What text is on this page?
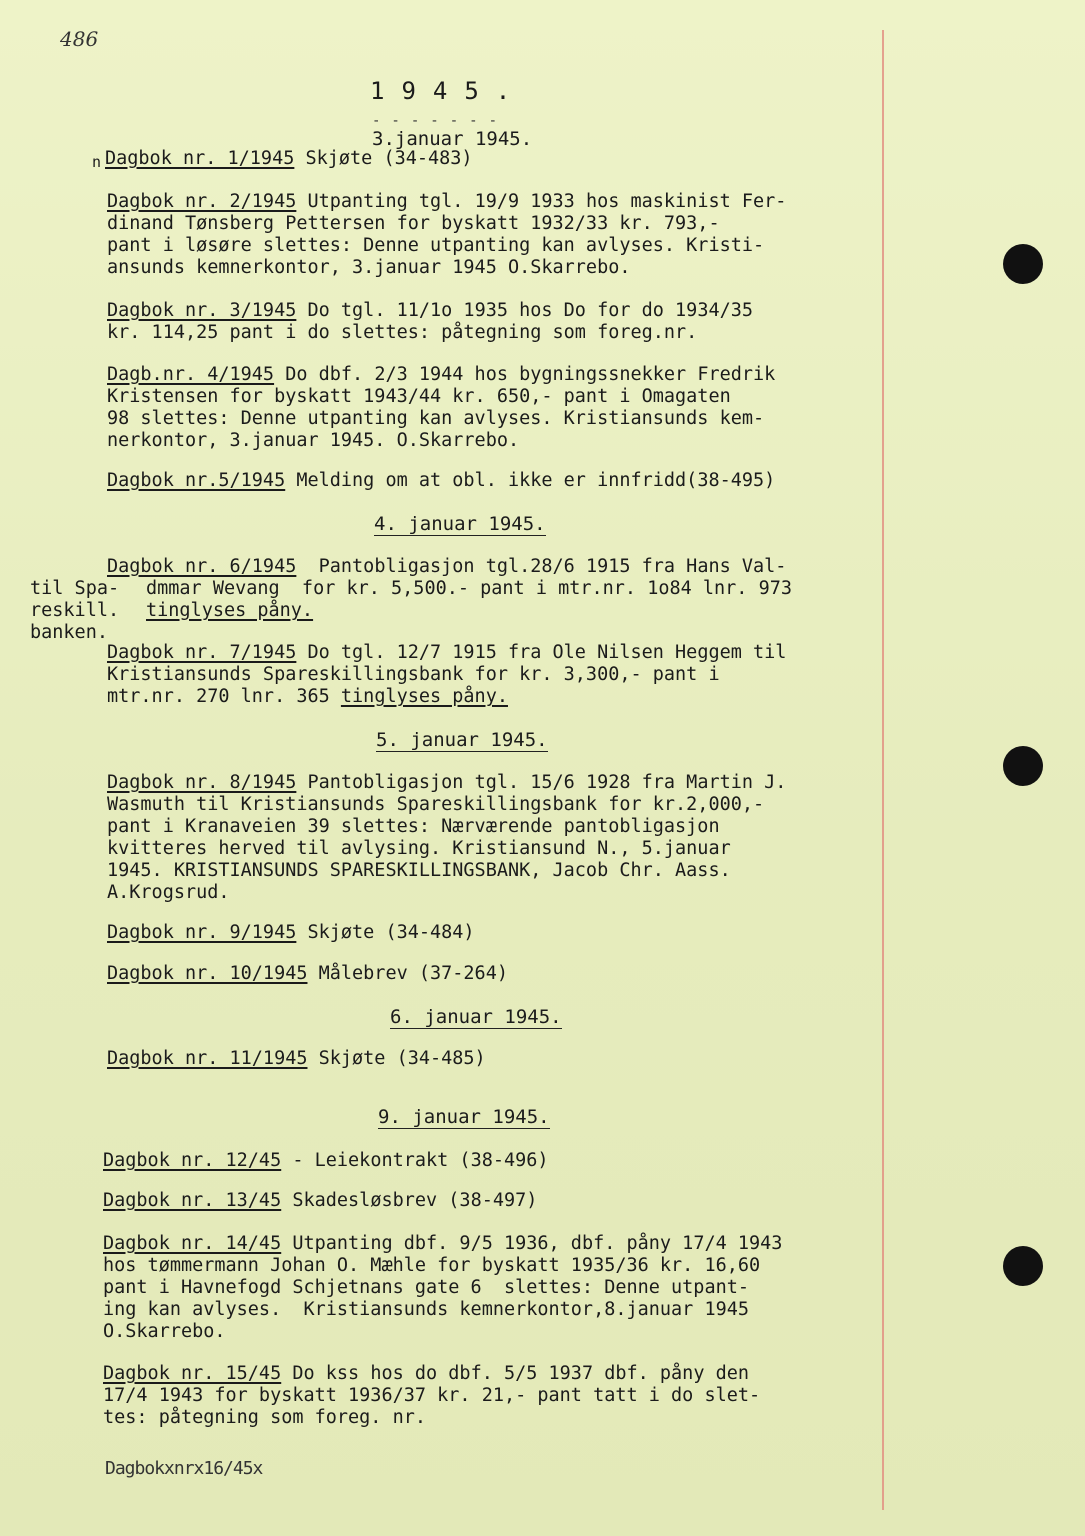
486
1945.
-------
3.januar 1945.
n Dagbok nr. 1/1945 Skjøte (34-483)
Dagbok nr. 2/1945 Utpanting tgl. 19/9 1933 hos maskinist Fer-
dinand Tønsberg Pettersen for byskatt 1932/33 kr. 793,-
pant i løsøre slettes: Denne utpanting kan avlyses. Kristi-
ansunds kemnerkontor, 3.januar 1945 O.Skarrebo.
Dagbok nr. 3/1945 Do tgl. 11/1o 1935 hos Do for do 1934/35
kr. 114,25 pant i do slettes: påtegning som foreg.nr.
Dagb.nr. 4/1945 Do dbf. 2/3 1944 hos bygningssnekker Fredrik
Kristensen for byskatt 1943/44 kr. 650,- pant i Omagaten
98 slettes: Denne utpanting kan avlyses. Kristiansunds kem-
nerkontor, 3.januar 1945. O.Skarrebo.
Dagbok nr.5/1945 Melding om at obl. ikke er innfridd(38-495)
4. januar 1945.
Dagbok nr. 6/1945  Pantobligasjon tgl.28/6 1915 fra Hans Val-
til Spa- dmmar Wevang  for kr. 5,500.- pant i mtr.nr. 1o84 lnr. 973
reskill. tinglyses påny.
banken.
Dagbok nr. 7/1945 Do tgl. 12/7 1915 fra Ole Nilsen Heggem til
Kristiansunds Spareskillingsbank for kr. 3,300,- pant i
mtr.nr. 270 lnr. 365 tinglyses påny.
5. januar 1945.
Dagbok nr. 8/1945 Pantobligasjon tgl. 15/6 1928 fra Martin J.
Wasmuth til Kristiansunds Spareskillingsbank for kr.2,000,-
pant i Kranaveien 39 slettes: Nærværende pantobligasjon
kvitteres herved til avlysing. Kristiansund N., 5.januar
1945. KRISTIANSUNDS SPARESKILLINGSBANK, Jacob Chr. Aass.
A.Krogsrud.
Dagbok nr. 9/1945 Skjøte (34-484)
Dagbok nr. 10/1945 Målebrev (37-264)
6. januar 1945.
Dagbok nr. 11/1945 Skjøte (34-485)
9. januar 1945.
Dagbok nr. 12/45 - Leiekontrakt (38-496)
Dagbok nr. 13/45 Skadesløsbrev (38-497)
Dagbok nr. 14/45 Utpanting dbf. 9/5 1936, dbf. påny 17/4 1943
hos tømmermann Johan O. Mæhle for byskatt 1935/36 kr. 16,60
pant i Havnefogd Schjetnans gate 6  slettes: Denne utpant-
ing kan avlyses.  Kristiansunds kemnerkontor,8.januar 1945
O.Skarrebo.
Dagbok nr. 15/45 Do kss hos do dbf. 5/5 1937 dbf. påny den
17/4 1943 for byskatt 1936/37 kr. 21,- pant tatt i do slet-
tes: påtegning som foreg. nr.
Dagbokxnrx16/45x
